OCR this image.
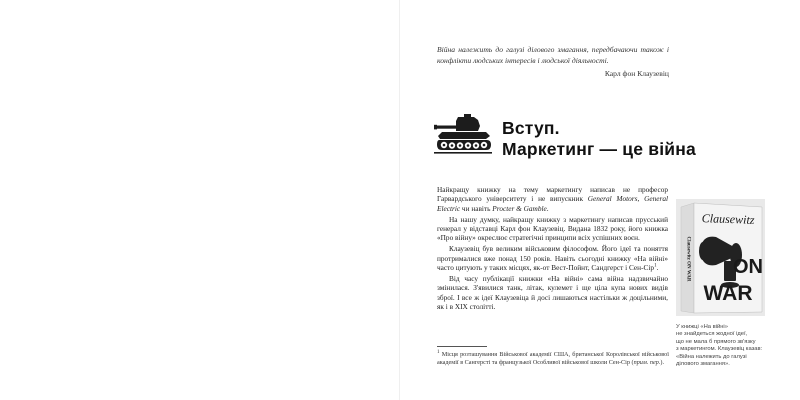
Війна належить до галузі ділового змагання, передбачаючи також і конфлікти людських інтересів і людської діяльності.
Карл фон Клаузевіц
Вступ.
Маркетинг — це війна

Найкращу книжку на тему маркетингу написав не професор Гарвардського університету і не випускник General Motors, General Electric чи навіть Procter & Gamble.

На нашу думку, найкращу книжку з маркетингу написав прусський генерал у відставці Карл фон Клаузевіц. Видана 1832 року, його книжка «Про війну» окреслює стратегічні принципи всіх успішних воєн.

Клаузевіц був великим військовим філософом. Його ідеї та поняття протрималися вже понад 150 років. Навіть сьогодні книжку «На війні» часто цитують у таких місцях, як-от Вест-Пойнт, Сандгерст і Сен-Сір$^1$.

Від часу публікації книжки «На війні» сама війна надзвичайно змінилася. З'явилися танк, літак, кулемет і ще ціла купа нових видів зброї. І все ж ідеї Клаузевіца й досі лишаються настільки ж доцільними, як і в XIX столітті.

$^1$ Місця розташування Військової академії США, британської Королівської військової академії в Сангерсті та французької Особливої військової школи Сен-Сір (прим. пер.).
Clausewitz ON WAR
Clausewitz
ON
WAR
У книжці «На війні»
не знайдеться жодної ідеї,
що не мала б прямого зв'язку
з маркетингом. Клаузевіц казав:
«Війна належить до галузі
ділового змагання».
